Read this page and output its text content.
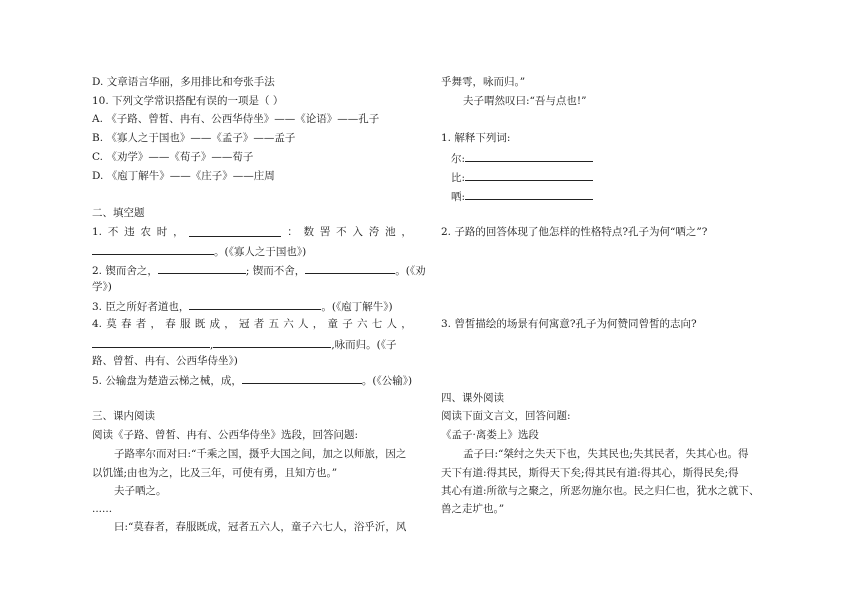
D. 文章语言华丽，多用排比和夸张手法
10. 下列文学常识搭配有误的一项是（ ）
A. 《子路、曾皙、冉有、公西华侍坐》——《论语》——孔子
B. 《寡人之于国也》——《孟子》——孟子
C. 《劝学》——《荀子》——荀子
D. 《庖丁解牛》——《庄子》——庄周
二、填空题
1. 不 违 农 时 ，	： 数 罟 不 入 洿 池 ，
。(《寡人之于国也》)
2. 锲而舍之，	; 锲而不舍，	。(《劝
学》)
3. 臣之所好者道也，	。(《庖丁解牛》)
4. 莫 春 者 ， 春 服 既 成 ， 冠 者 五 六 人 ， 童 子 六 七 人 ，
,	,咏而归。(《子
路、曾皙、冉有、公西华侍坐》)
5. 公输盘为楚造云梯之械，成，	。(《公输》)
三、课内阅读
阅读《子路、曾皙、冉有、公西华侍坐》选段，回答问题:
子路率尔而对曰:“千乘之国，摄乎大国之间，加之以师旅，因之
以饥馑;由也为之，比及三年，可使有勇，且知方也。”
夫子哂之。
......
曰:“莫春者，春服既成，冠者五六人，童子六七人，浴乎沂，风
乎舞雩，咏而归。”
夫子喟然叹曰:“吾与点也!”
1. 解释下列词:
尔:
比:
哂:
2. 子路的回答体现了他怎样的性格特点?孔子为何“哂之”?
3. 曾皙描绘的场景有何寓意?孔子为何赞同曾皙的志向?
四、课外阅读
阅读下面文言文，回答问题:
《孟子·离娄上》选段
孟子曰:“桀纣之失天下也，失其民也;失其民者，失其心也。得
天下有道:得其民，斯得天下矣;得其民有道:得其心，斯得民矣;得
其心有道:所欲与之聚之，所恶勿施尔也。民之归仁也，犹水之就下、
兽之走圹也。”
